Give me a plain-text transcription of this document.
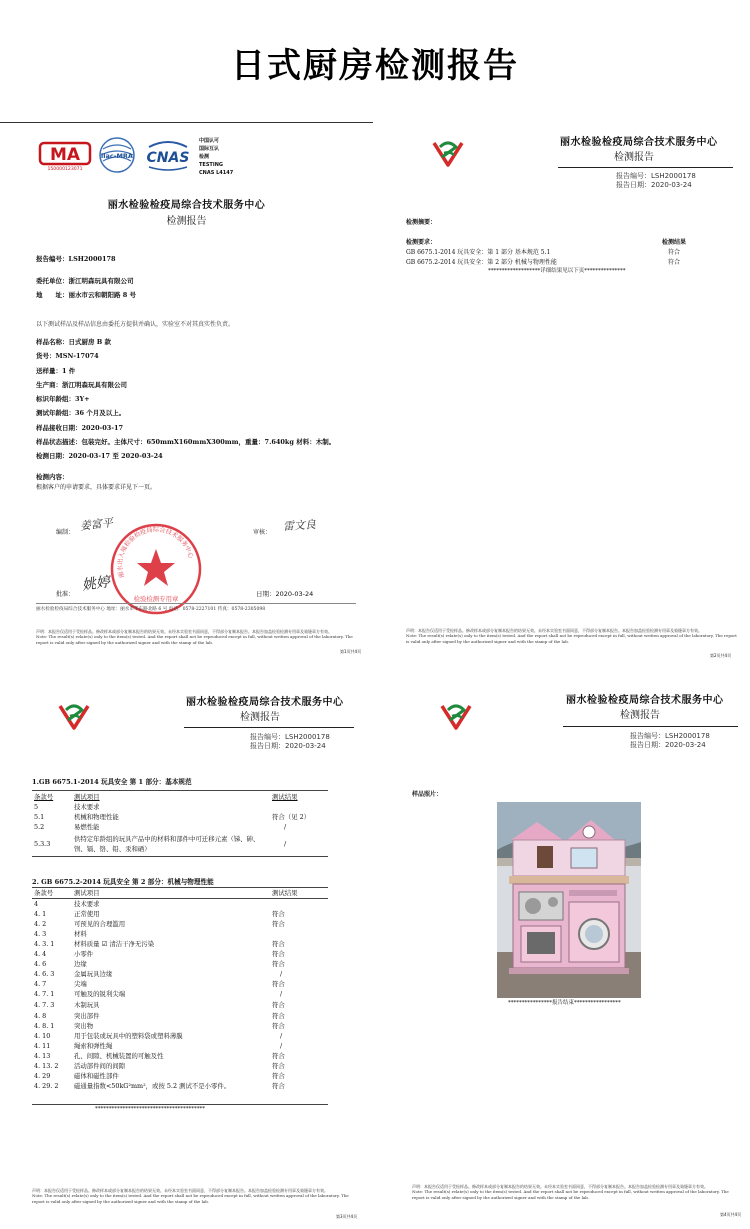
日式厨房检测报告
MA
150000123071
ilac-MRA CNAS
中国认可
国际互认
检测
TESTING
CNAS L4147
丽水检验检疫局综合技术服务中心
检测报告
报告编号：LSH2000178
委托单位：浙江明森玩具有限公司
地　　址：丽水市云和朝阳路 8 号
以下测试样品及样品信息由委托方提供并确认，实验室不对其真实性负责。
样品名称：日式厨房 B 款
货号：MSN-17074
送样量：1 件
生产商：浙江明森玩具有限公司
标识年龄组：3Y+
测试年龄组：36 个月及以上。
样品接收日期：2020-03-17
样品状态描述：包装完好。主体尺寸：650mmX160mmX300mm，重量：7.640kg 材料：木制。
检测日期：2020-03-17 至 2020-03-24
检测内容：
根据客户的申请要求，具体要求详见下一页。
编制： 姜富平	审核： 雷文良
丽水出入境检验检疫局综合技术服务中心
检验检测专用章
批准：
姚婷
日期：2020-03-24
丽水检验检疫局综合技术服务中心 地址：丽水市华东路北路 6 号 电话：0578-2227101 传真：0578-2305098
声明：本报告仅适用于受检样品。修改样本或部分复制本报告的结果无效。未经本实验室书面同意，不得部分复制本报告。本报告加盖检验检测专用章及骑缝章方有效。
Note: The result(s) relate(s) only to the item(s) tested. And the report shall not be reproduced except in full, without written approval of the laboratory. The report is valid only after signed by the authorized signer and with the stamp of the lab.
第1页共4页
丽水检验检疫局综合技术服务中心
检测报告
报告编号：LSH2000178
报告日期：2020-03-24
检测摘要：
检测要求：	检测结果
GB 6675.1-2014 玩具安全：第 1 部分 基本规范 5.1	符合
GB 6675.2-2014 玩具安全：第 2 部分 机械与物理性能	符合
*******************详细结果见以下页***************
声明：本报告仅适用于受检样品。修改样本或部分复制本报告的结果无效。未经本实验室书面同意，不得部分复制本报告。本报告加盖检验检测专用章及骑缝章方有效。
Note: The result(s) relate(s) only to the item(s) tested. And the report shall not be reproduced except in full, without written approval of the laboratory. The report is valid only after signed by the authorized signer and with the stamp of the lab.
第2页共4页
丽水检验检疫局综合技术服务中心
检测报告
报告编号：LSH2000178
报告日期：2020-03-24
1.GB 6675.1-2014 玩具安全 第 1 部分：基本规范
条款号	测试项目	测试结果
5	技术要求	
5.1	机械和物理性能	符合（见 2）
5.2	易燃性能	/
5.3.3	供特定年龄组的玩具产品中的材料和部件中可迁移元素（锑、砷、钡、镉、铬、铅、汞和硒）	/
2. GB 6675.2-2014 玩具安全 第 2 部分：机械与物理性能
条款号	测试项目	测试结果
4	技术要求	
4. 1	正常使用	符合
4. 2	可预见的合理滥用	符合
4. 3	材料	
4. 3. 1	材料质量 ☑ 清洁干净无污染	符合
4. 4	小零件	符合
4. 6	边缘	符合
4. 6. 3	金属玩具边缘	/
4. 7	尖端	符合
4. 7. 1	可触及的锐利尖端	/
4. 7. 3	木制玩具	符合
4. 8	突出部件	符合
4. 8. 1	突出物	符合
4. 10	用于包装或玩具中的塑料袋或塑料薄膜	/
4. 11	绳索和弹性绳	/
4. 13	孔、间隙、机械装置的可触及性	符合
4. 13. 2	活动部件间的间隙	符合
4. 29	磁体和磁性部件	符合
4. 29. 2	磁通量指数<50kG²mm²，或按 5.2 测试不是小零件。	符合
****************************************
声明：本报告仅适用于受检样品。修改样本或部分复制本报告的结果无效。未经本实验室书面同意，不得部分复制本报告。本报告加盖检验检测专用章及骑缝章方有效。
Note: The result(s) relate(s) only to the item(s) tested. And the report shall not be reproduced except in full, without written approval of the laboratory. The report is valid only after signed by the authorized signer and with the stamp of the lab.
第3页共4页
丽水检验检疫局综合技术服务中心
检测报告
报告编号：LSH2000178
报告日期：2020-03-24
样品照片：
****************报告结束*****************
声明：本报告仅适用于受检样品。修改样本或部分复制本报告的结果无效。未经本实验室书面同意，不得部分复制本报告。本报告加盖检验检测专用章及骑缝章方有效。
Note: The result(s) relate(s) only to the item(s) tested. And the report shall not be reproduced except in full, without written approval of the laboratory. The report is valid only after signed by the authorized signer and with the stamp of the lab.
第4页共4页
